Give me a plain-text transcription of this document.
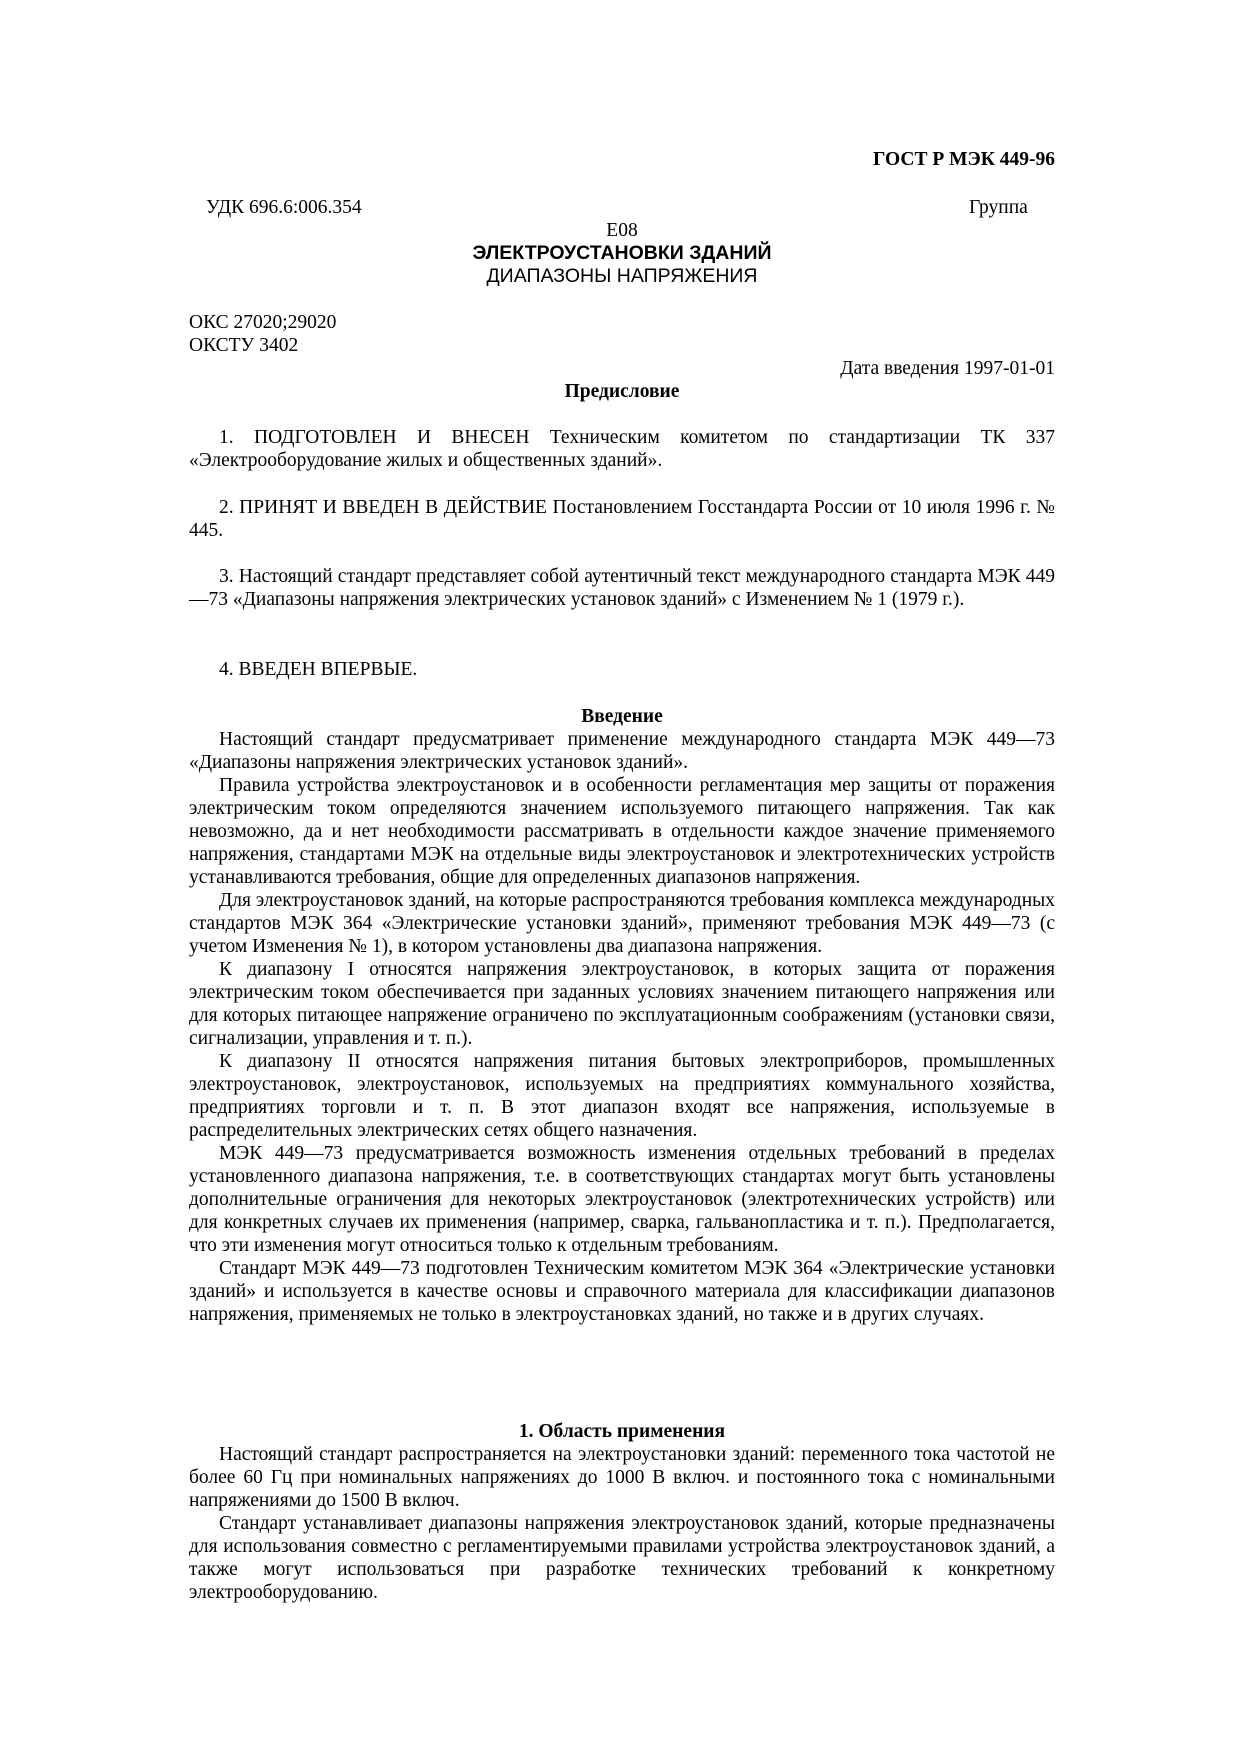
ГОСТ Р МЭК 449-96
УДК 696.6:006.354	Группа
Е08
ЭЛЕКТРОУСТАНОВКИ ЗДАНИЙ
ДИАПАЗОНЫ НАПРЯЖЕНИЯ
ОКС 27020;29020
ОКСТУ 3402
Дата введения 1997-01-01
Предисловие

1. ПОДГОТОВЛЕН И ВНЕСЕН Техническим комитетом по стандартизации ТК 337 «Электрооборудование жилых и общественных зданий».

2. ПРИНЯТ И ВВЕДЕН В ДЕЙСТВИЕ Постановлением Госстандарта России от 10 июля 1996 г. № 445.

3. Настоящий стандарт представляет собой аутентичный текст международного стандарта МЭК 449—73 «Диапазоны напряжения электрических установок зданий» с Изменением № 1 (1979 г.).

4. ВВЕДЕН ВПЕРВЫЕ.

Введение

Настоящий стандарт предусматривает применение международного стандарта МЭК 449—73 «Диапазоны напряжения электрических установок зданий».

Правила устройства электроустановок и в особенности регламентация мер защиты от поражения электрическим током определяются значением используемого питающего напряжения. Так как невозможно, да и нет необходимости рассматривать в отдельности каждое значение применяемого напряжения, стандартами МЭК на отдельные виды электроустановок и электротехнических устройств устанавливаются требования, общие для определенных диапазонов напряжения.

Для электроустановок зданий, на которые распространяются требования комплекса международных стандартов МЭК 364 «Электрические установки зданий», применяют требования МЭК 449—73 (с учетом Изменения № 1), в котором установлены два диапазона напряжения.

К диапазону I относятся напряжения электроустановок, в которых защита от поражения электрическим током обеспечивается при заданных условиях значением питающего напряжения или для которых питающее напряжение ограничено по эксплуатационным соображениям (установки связи, сигнализации, управления и т. п.).

К диапазону II относятся напряжения питания бытовых электроприборов, промышленных электроустановок, электроустановок, используемых на предприятиях коммунального хозяйства, предприятиях торговли и т. п. В этот диапазон входят все напряжения, используемые в распределительных электрических сетях общего назначения.

МЭК 449—73 предусматривается возможность изменения отдельных требований в пределах установленного диапазона напряжения, т.е. в соответствующих стандартах могут быть установлены дополнительные ограничения для некоторых электроустановок (электротехнических устройств) или для конкретных случаев их применения (например, сварка, гальванопластика и т. п.). Предполагается, что эти изменения могут относиться только к отдельным требованиям.

Стандарт МЭК 449—73 подготовлен Техническим комитетом МЭК 364 «Электрические установки зданий» и используется в качестве основы и справочного материала для классификации диапазонов напряжения, применяемых не только в электроустановках зданий, но также и в других случаях.

1. Область применения

Настоящий стандарт распространяется на электроустановки зданий: переменного тока частотой не более 60 Гц при номинальных напряжениях до 1000 В включ. и постоянного тока с номинальными напряжениями до 1500 В включ.

Стандарт устанавливает диапазоны напряжения электроустановок зданий, которые предназначены для использования совместно с регламентируемыми правилами устройства электроустановок зданий, а также могут использоваться при разработке технических требований к конкретному электрооборудованию.
